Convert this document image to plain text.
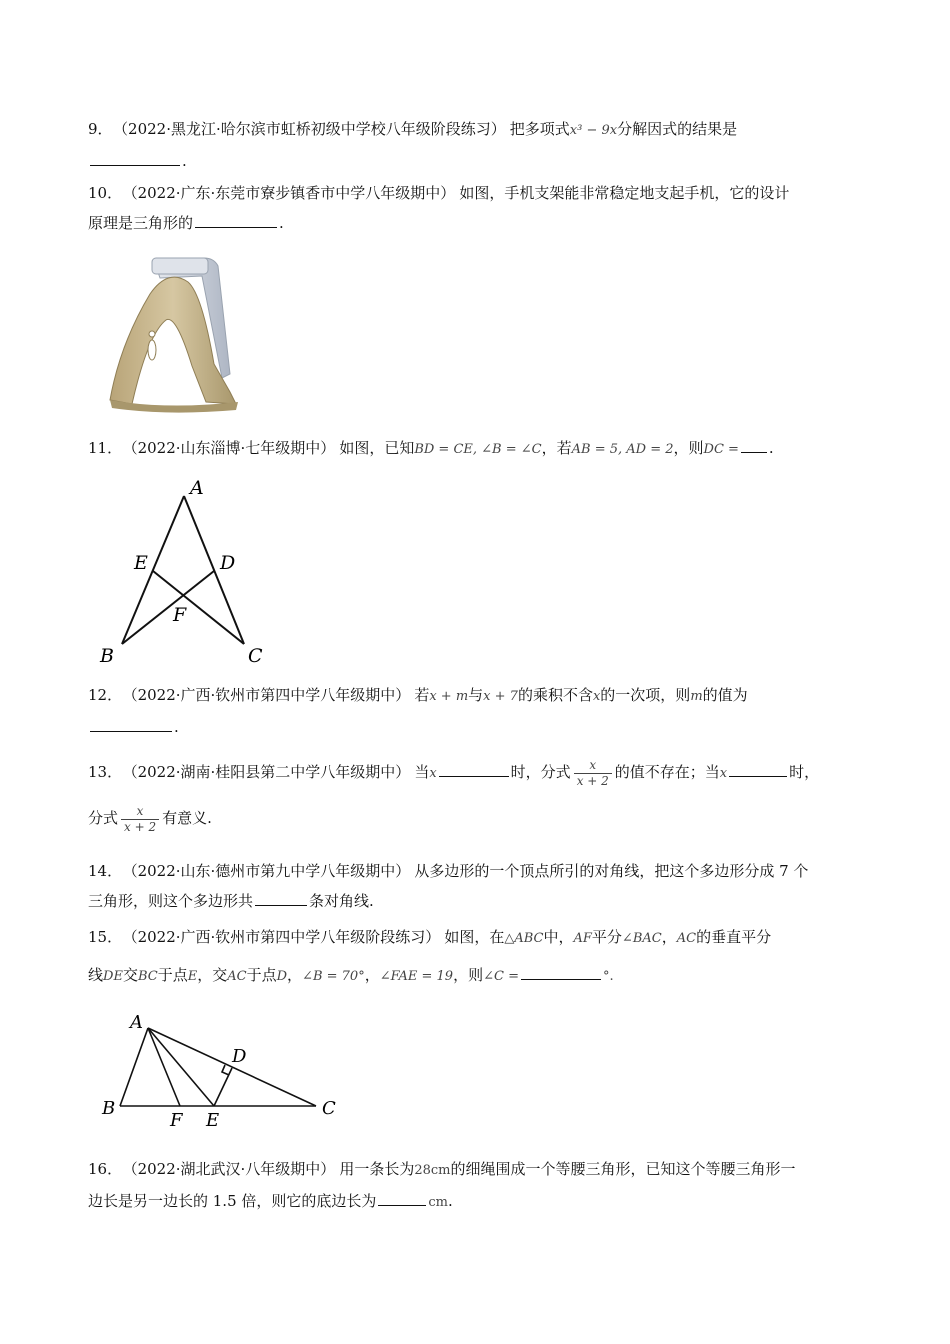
9． （2022·黑龙江·哈尔滨市虹桥初级中学校八年级阶段练习） 把多项式x³ − 9x分解因式的结果是
.
10． （2022·广东·东莞市寮步镇香市中学八年级期中） 如图，手机支架能非常稳定地支起手机，它的设计
原理是三角形的	.
11． （2022·山东淄博·七年级期中） 如图，已知BD = CE, ∠B = ∠C，若AB = 5, AD = 2，则DC = .
A
E	D
F
B	C
12． （2022·广西·钦州市第四中学八年级期中） 若x + m与x + 7的乘积不含x的一次项，则m的值为
.
13． （2022·湖南·桂阳县第二中学八年级期中） 当x	时，分式 $\frac{x}{x + 2}$ 的值不存在；当x	时，
分式 $\frac{x}{x + 2}$ 有意义.
14． （2022·山东·德州市第九中学八年级期中） 从多边形的一个顶点所引的对角线，把这个多边形分成 7 个
三角形，则这个多边形共	条对角线.
15． （2022·广西·钦州市第四中学八年级阶段练习） 如图，在△ABC中，AF平分∠BAC，AC的垂直平分
线DE交BC于点E，交AC于点D，∠B = 70°，∠FAE = 19，则∠C =	°.
A
D
B
F E
C
16． （2022·湖北武汉·八年级期中） 用一条长为28cm的细绳围成一个等腰三角形，已知这个等腰三角形一
边长是另一边长的 1.5 倍，则它的底边长为	cm.
